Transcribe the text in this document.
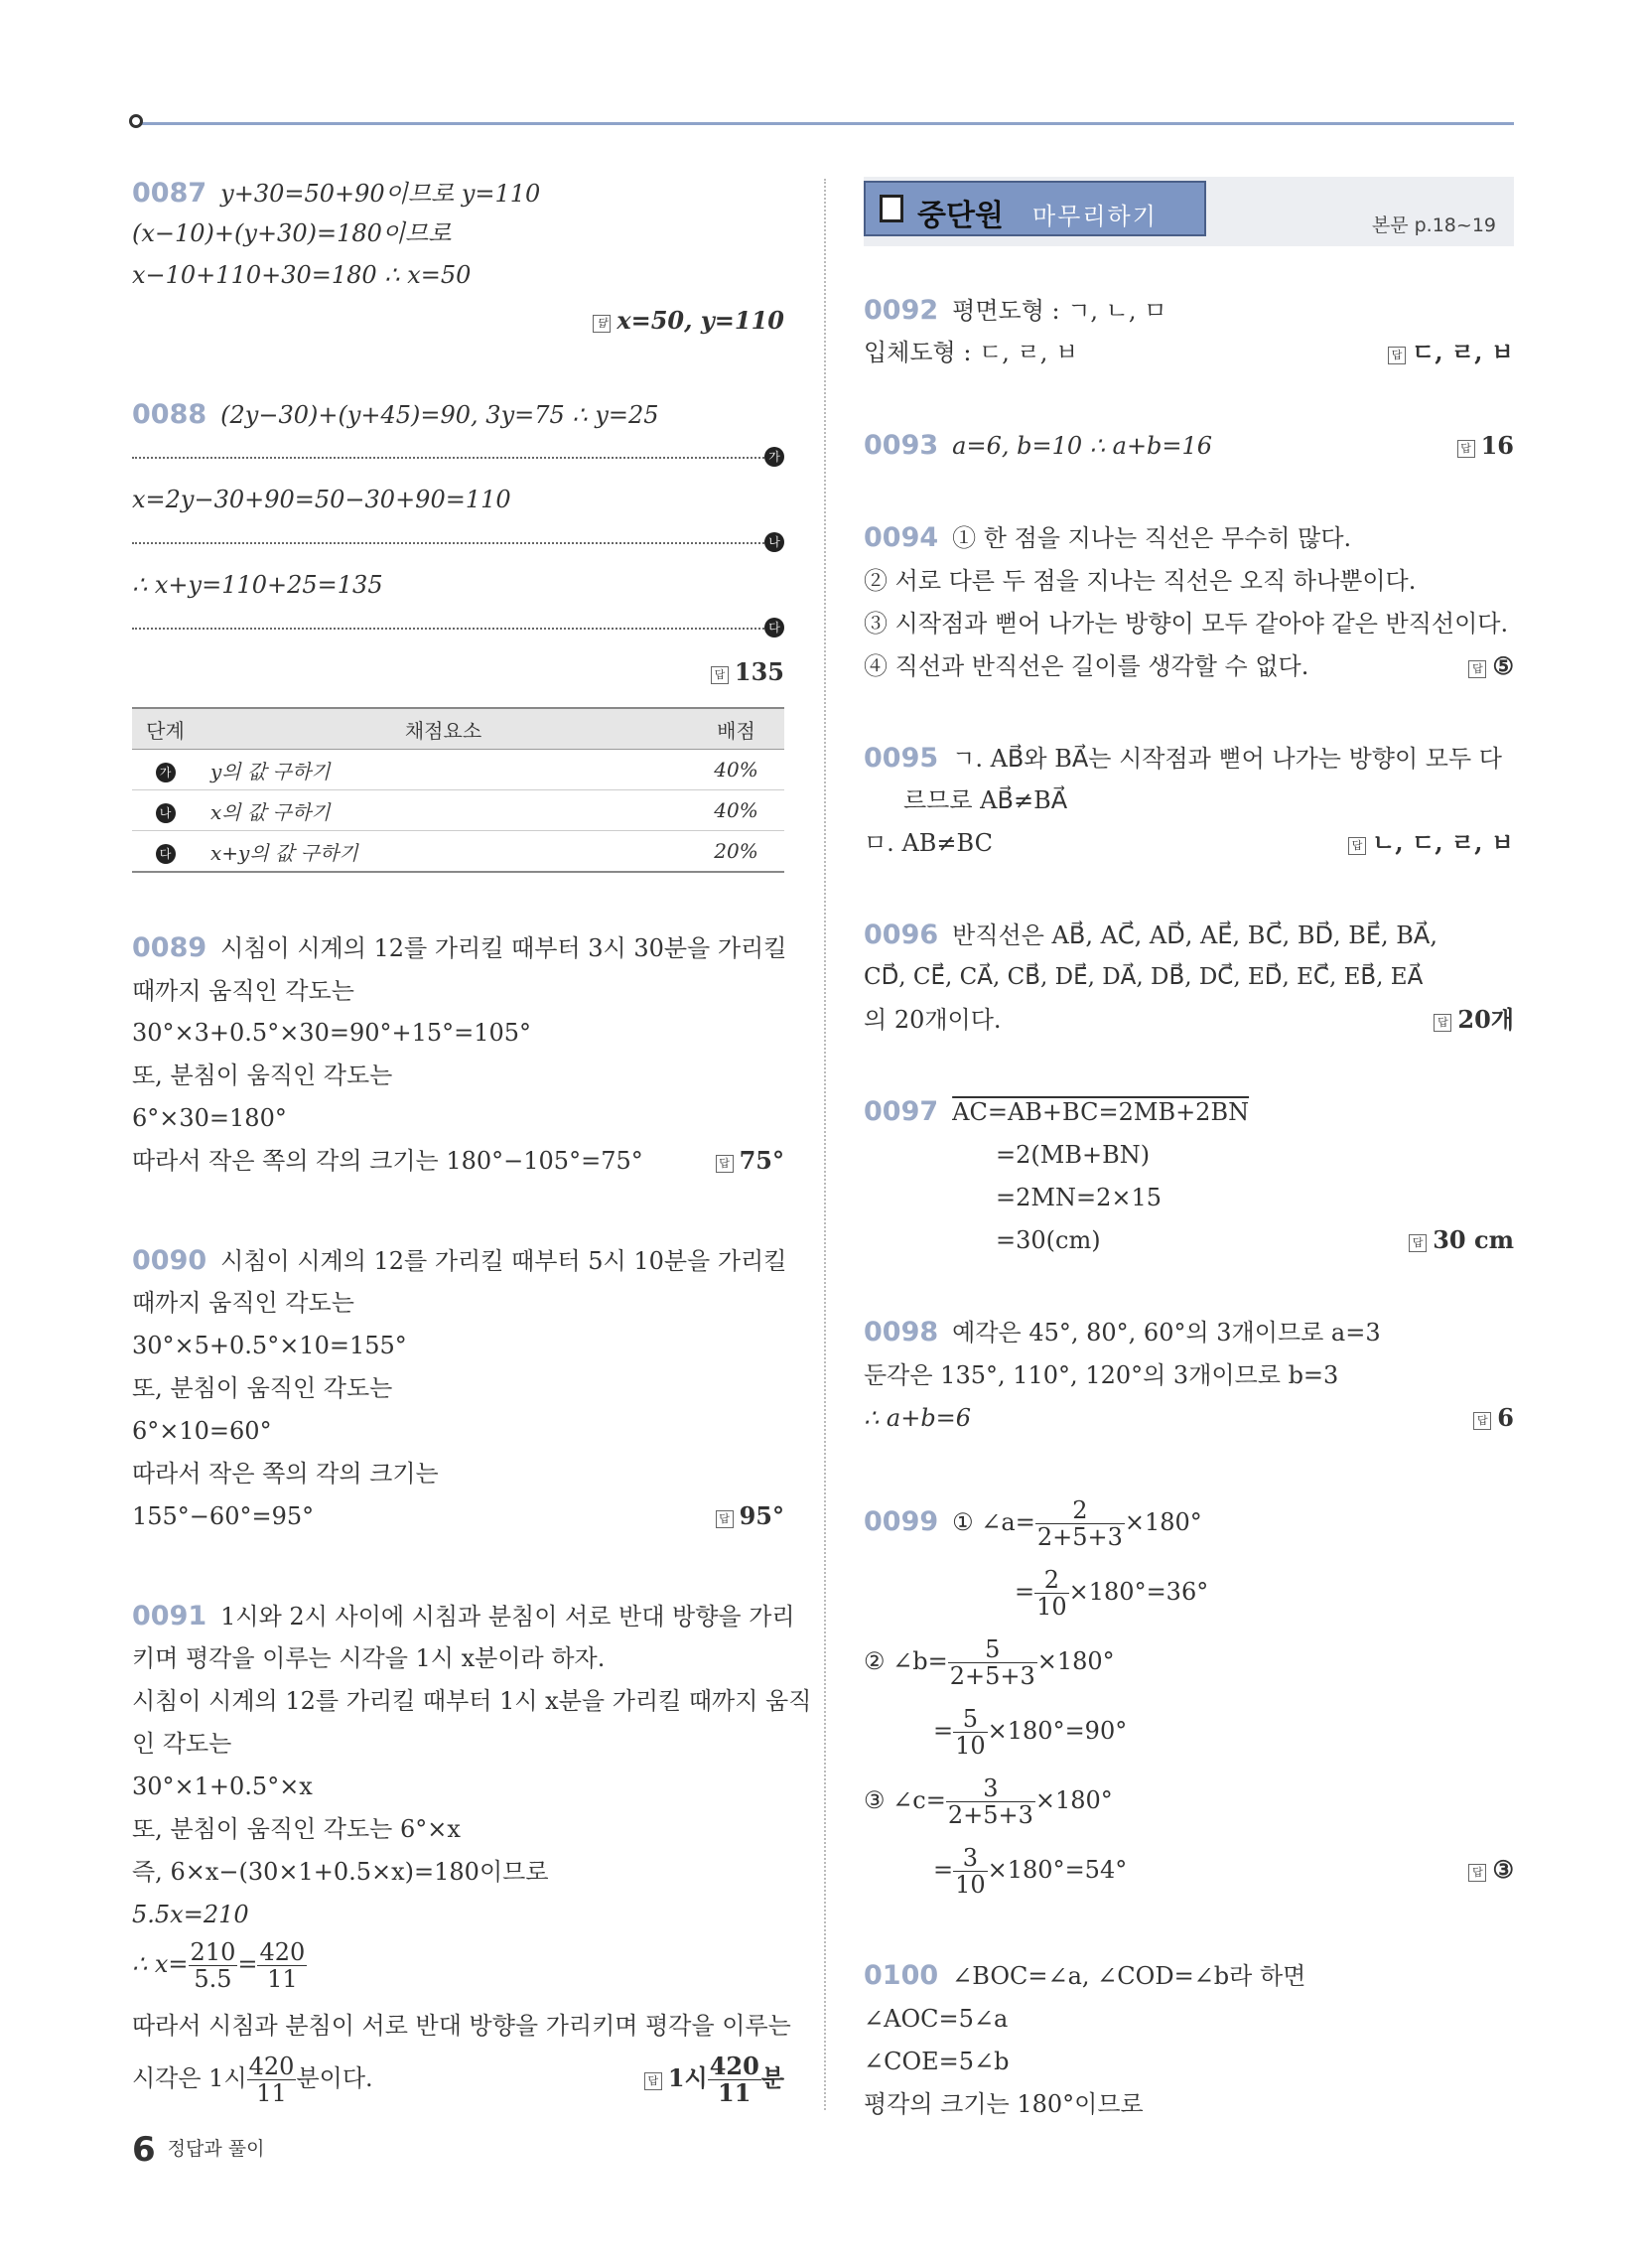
0087 y+30=50+90이므로 y=110
(x−10)+(y+30)=180이므로
x−10+110+30=180 ∴ x=50
답 x=50, y=110
0088 (2y−30)+(y+45)=90, 3y=75 ∴ y=25
가
x=2y−30+90=50−30+90=110
나
∴ x+y=110+25=135
다
답 135
단계	채점요소	배점
가	y의 값 구하기	40%
나	x의 값 구하기	40%
다	x+y의 값 구하기	20%
0089 시침이 시계의 12를 가리킬 때부터 3시 30분을 가리킬
때까지 움직인 각도는
30°×3+0.5°×30=90°+15°=105°
또, 분침이 움직인 각도는
6°×30=180°
따라서 작은 쪽의 각의 크기는 180°−105°=75°	답 75°
0090 시침이 시계의 12를 가리킬 때부터 5시 10분을 가리킬
때까지 움직인 각도는
30°×5+0.5°×10=155°
또, 분침이 움직인 각도는
6°×10=60°
따라서 작은 쪽의 각의 크기는
155°−60°=95°	답 95°
0091 1시와 2시 사이에 시침과 분침이 서로 반대 방향을 가리
키며 평각을 이루는 시각을 1시 x분이라 하자.
시침이 시계의 12를 가리킬 때부터 1시 x분을 가리킬 때까지 움직
인 각도는
30°×1+0.5°×x
또, 분침이 움직인 각도는 6°×x
즉, 6×x−(30×1+0.5×x)=180이므로
5.5x=210
∴ $x= \frac{210}{5.5} = \frac{420}{11}$
따라서 시침과 분침이 서로 반대 방향을 가리키며 평각을 이루는
시각은 1시 $\frac{420}{11}$ 분이다.	답 1시 $\frac{420}{11}$ 분
중단원 마무리하기	본문 p.18~19
0092 평면도형 : ㄱ, ㄴ, ㅁ
입체도형 : ㄷ, ㄹ, ㅂ	답 ㄷ, ㄹ, ㅂ
0093 a=6, b=10 ∴ a+b=16	답 16
0094 ① 한 점을 지나는 직선은 무수히 많다.
② 서로 다른 두 점을 지나는 직선은 오직 하나뿐이다.
③ 시작점과 뻗어 나가는 방향이 모두 같아야 같은 반직선이다.
④ 직선과 반직선은 길이를 생각할 수 없다.	답 ⑤
0095 ㄱ. AB⃗와 BA⃗는 시작점과 뻗어 나가는 방향이 모두 다
르므로 AB⃗≠BA⃗
ㅁ. AB≠BC	답 ㄴ, ㄷ, ㄹ, ㅂ
0096 반직선은 AB⃗, AC⃗, AD⃗, AE⃗, BC⃗, BD⃗, BE⃗, BA⃗,
CD⃗, CE⃗, CA⃗, CB⃗, DE⃗, DA⃗, DB⃗, DC⃗, ED⃗, EC⃗, EB⃗, EA⃗
의 20개이다.	답 20개
0097 AC=AB+BC=2MB+2BN
=2(MB+BN)
=2MN=2×15
=30(cm)	답 30 cm
0098 예각은 45°, 80°, 60°의 3개이므로 a=3
둔각은 135°, 110°, 120°의 3개이므로 b=3
∴ a+b=6	답 6
0099 ① ∠a= $\frac{2}{2+5+3} \times 180^\circ$
= $\frac{2}{10} \times 180^\circ=36^\circ$
② ∠b= $\frac{5}{2+5+3} \times 180^\circ$
= $\frac{5}{10} \times 180^\circ=90^\circ$
③ ∠c= $\frac{3}{2+5+3} \times 180^\circ$
= $\frac{3}{10} \times 180^\circ=54^\circ$	답 ③
0100 ∠BOC=∠a, ∠COD=∠b라 하면
∠AOC=5∠a
∠COE=5∠b
평각의 크기는 180°이므로
6 정답과 풀이
